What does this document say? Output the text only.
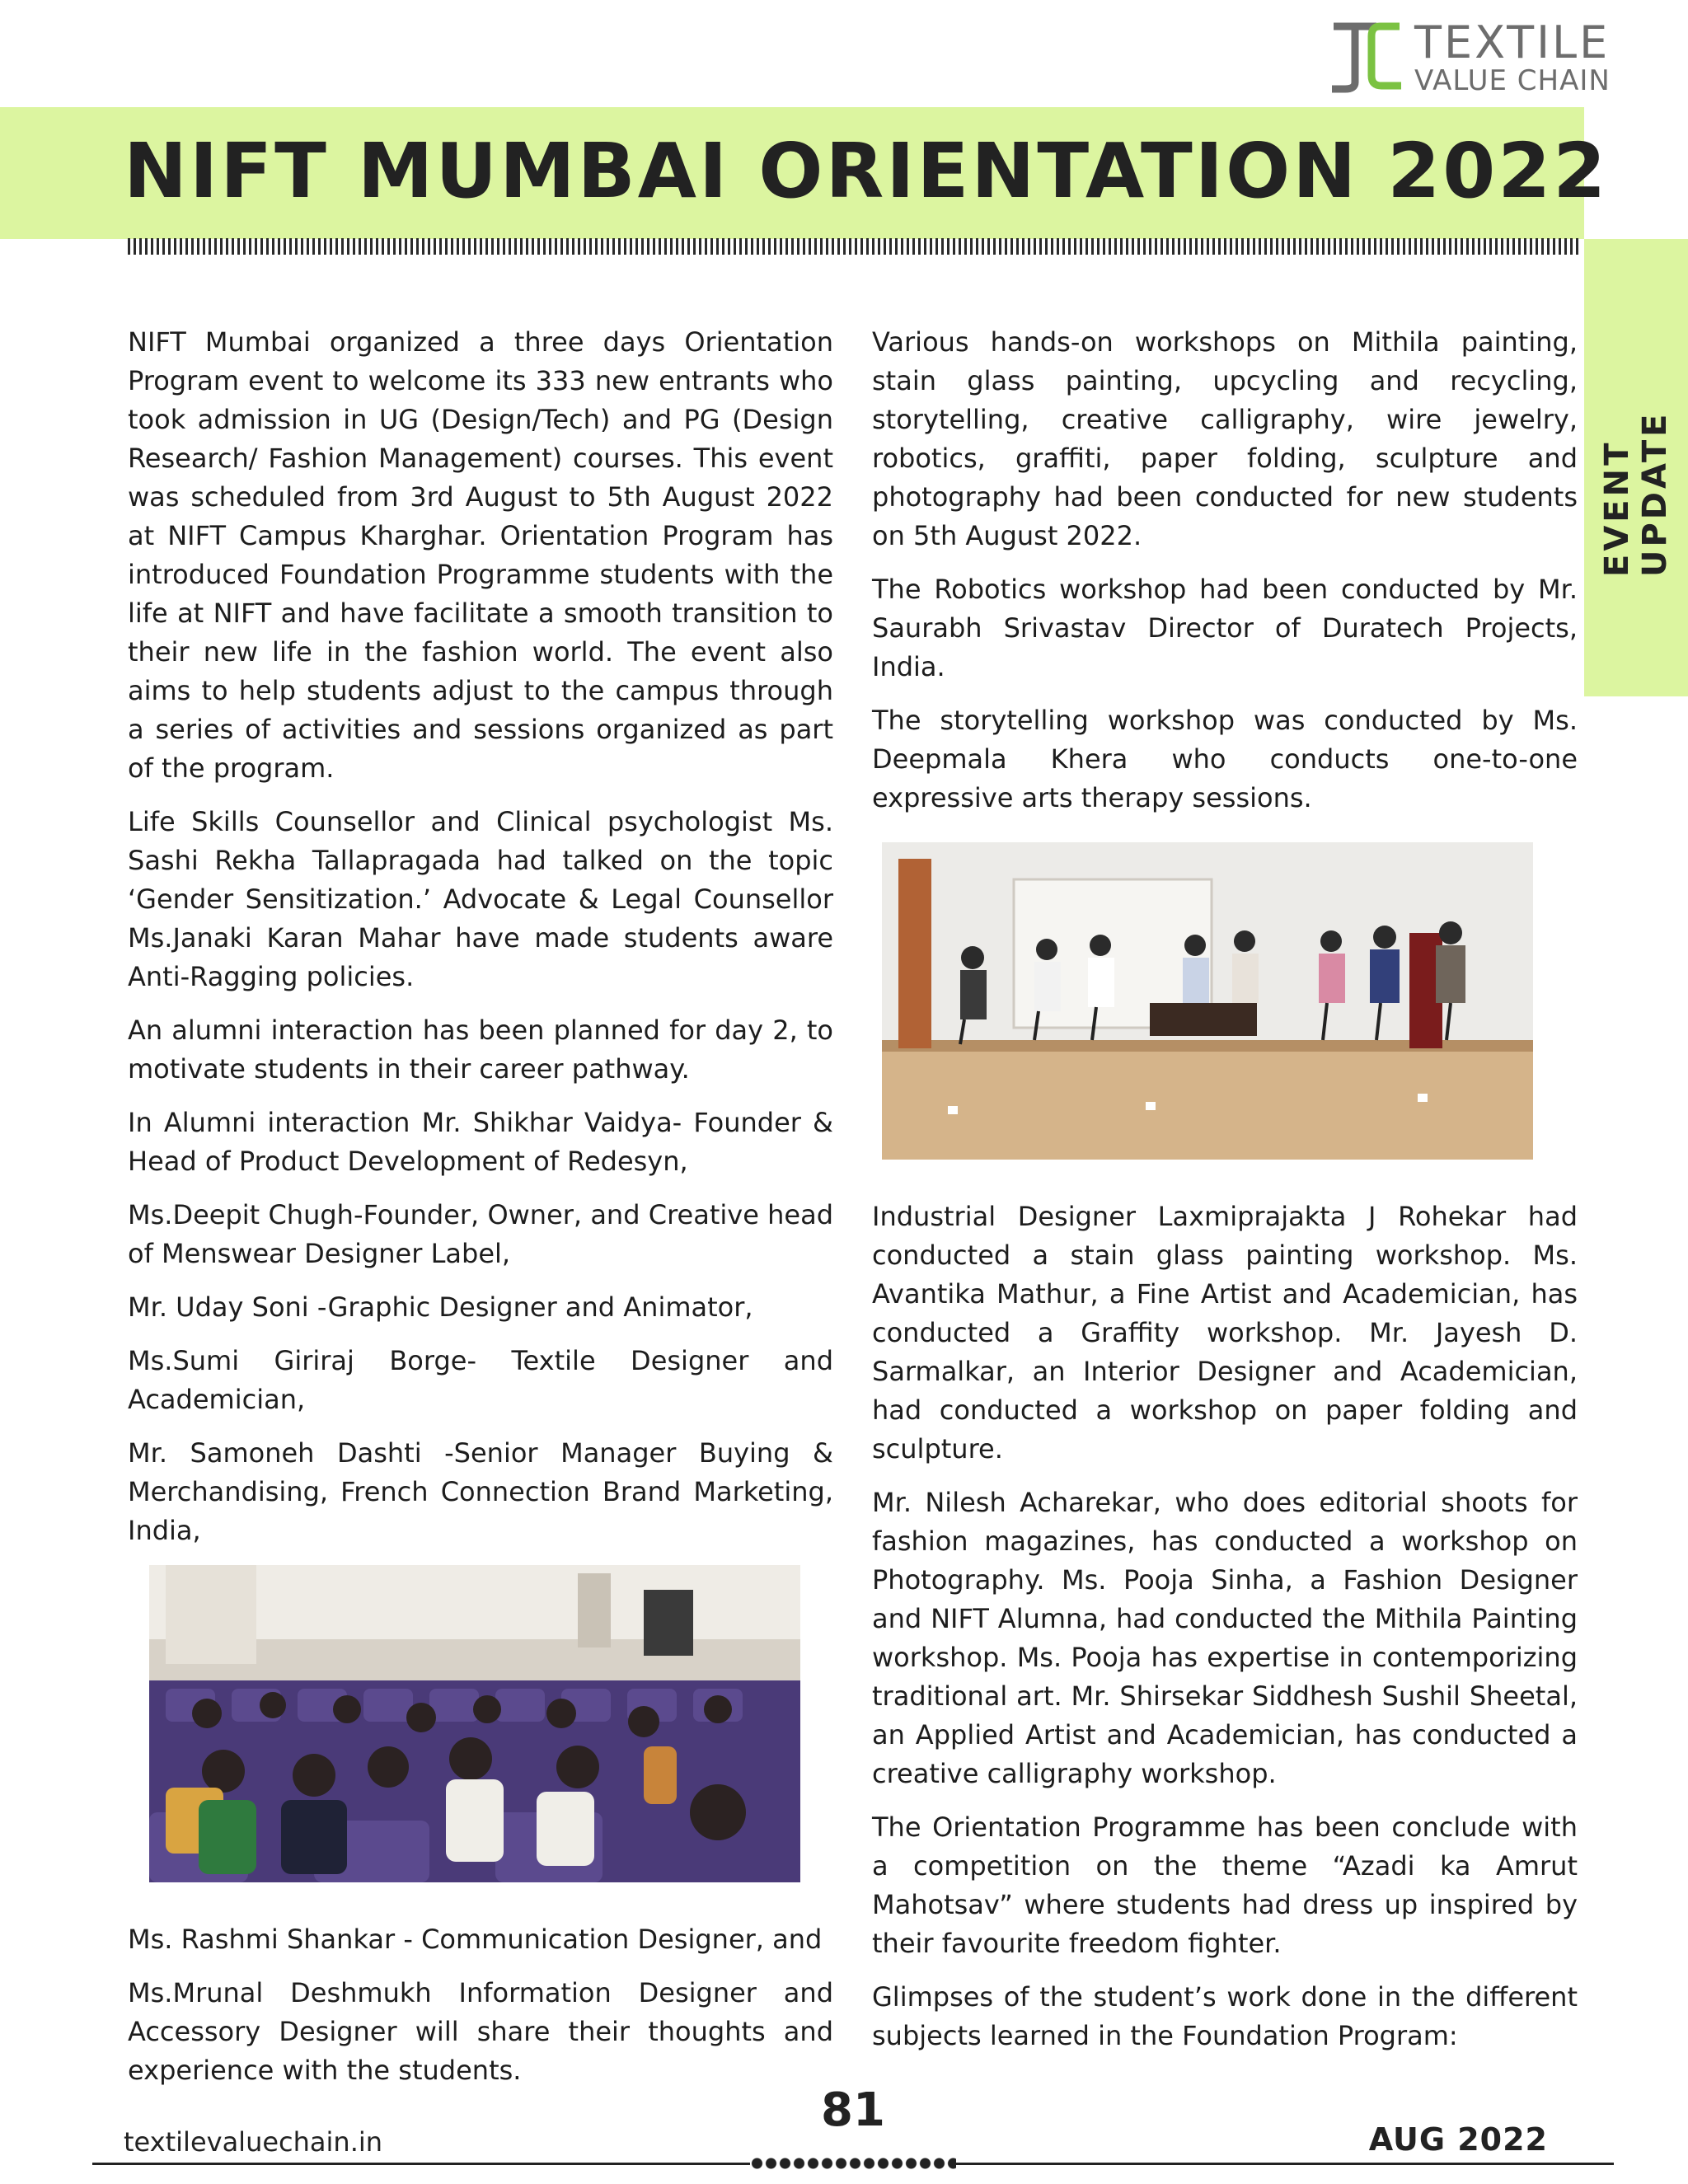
TEXTILE
VALUE CHAIN
NIFT MUMBAI ORIENTATION 2022
EVENT UPDATE

NIFT Mumbai organized a three days Orientation Program event to welcome its 333 new entrants who took admission in UG (Design/Tech) and PG (Design Research/ Fashion Management) courses. This event was scheduled from 3rd August to 5th August 2022 at NIFT Campus Kharghar. Orientation Program has introduced Foundation Programme students with the life at NIFT and have facilitate a smooth transition to their new life in the fashion world. The event also aims to help students adjust to the campus through a series of activities and sessions organized as part of the program.

Life Skills Counsellor and Clinical psychologist Ms. Sashi Rekha Tallapragada had talked on the topic ‘Gender Sensitization.’ Advocate & Legal Counsellor Ms.Janaki Karan Mahar have made students aware Anti-Ragging policies.

An alumni interaction has been planned for day 2, to motivate students in their career pathway.

In Alumni interaction Mr. Shikhar Vaidya- Founder & Head of Product Development of Redesyn,

Ms.Deepit Chugh-Founder, Owner, and Creative head of Menswear Designer Label,

Mr. Uday Soni -Graphic Designer and Animator,

Ms.Sumi Giriraj Borge- Textile Designer and Academician,

Mr. Samoneh Dashti -Senior Manager Buying & Merchandising, French Connection Brand Marketing, India,

Ms. Rashmi Shankar - Communication Designer, and

Ms.Mrunal Deshmukh Information Designer and Accessory Designer will share their thoughts and experience with the students.

Various hands-on workshops on Mithila painting, stain glass painting, upcycling and recycling, storytelling, creative calligraphy, wire jewelry, robotics, graffiti, paper folding, sculpture and photography had been conducted for new students on 5th August 2022.

The Robotics workshop had been conducted by Mr. Saurabh Srivastav Director of Duratech Projects, India.

The storytelling workshop was conducted by Ms. Deepmala Khera who conducts one-to-one expressive arts therapy sessions.

Industrial Designer Laxmiprajakta J Rohekar had conducted a stain glass painting workshop. Ms. Avantika Mathur, a Fine Artist and Academician, has conducted a Graffity workshop. Mr. Jayesh D. Sarmalkar, an Interior Designer and Academician, had conducted a workshop on paper folding and sculpture.

Mr. Nilesh Acharekar, who does editorial shoots for fashion magazines, has conducted a workshop on Photography. Ms. Pooja Sinha, a Fashion Designer and NIFT Alumna, had conducted the Mithila Painting workshop. Ms. Pooja has expertise in contemporizing traditional art. Mr. Shirsekar Siddhesh Sushil Sheetal, an Applied Artist and Academician, has conducted a creative calligraphy workshop.

The Orientation Programme has been conclude with a competition on the theme “Azadi ka Amrut Mahotsav” where students had dress up inspired by their favourite freedom fighter.

Glimpses of the student’s work done in the different subjects learned in the Foundation Program:

81
textilevaluechain.in	AUG 2022
